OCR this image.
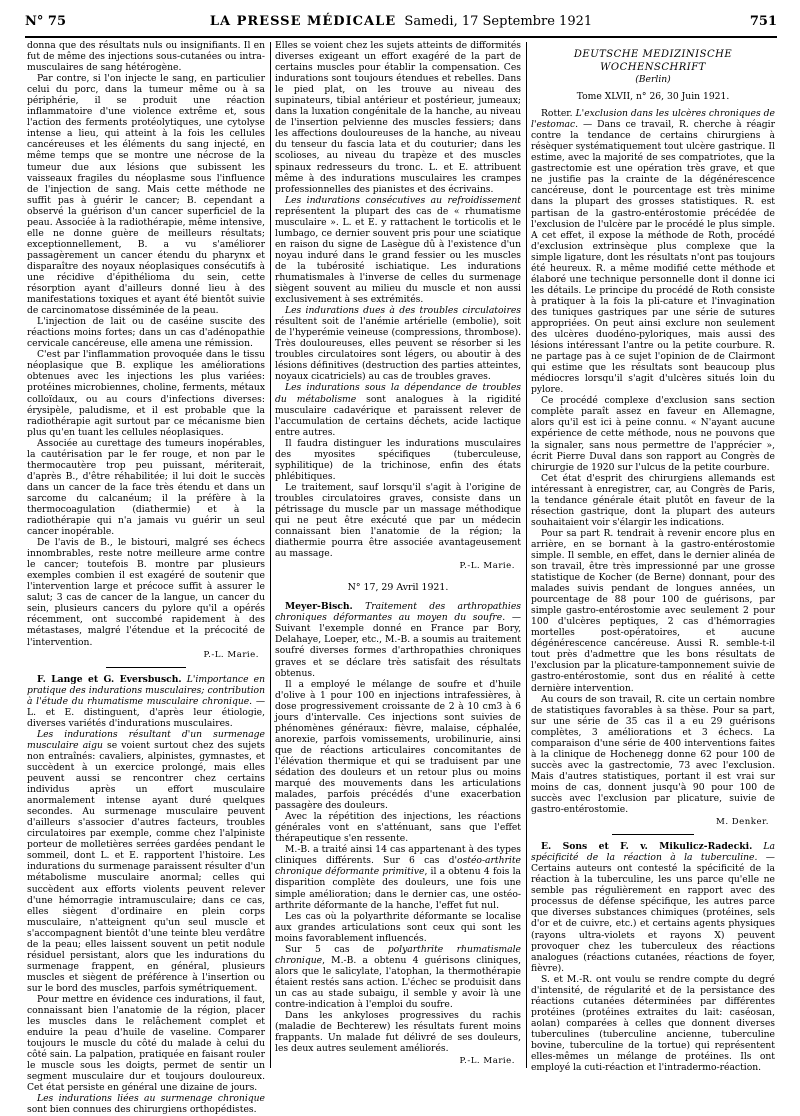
N° 75	LA PRESSE MÉDICALE Samedi, 17 Septembre 1921	751

donna que des résultats nuls ou insignifiants. Il en fut de même des injections sous-cutanées ou intra-musculaires de sang hétérogène.

Par contre, si l'on injecte le sang, en particulier celui du porc, dans la tumeur même ou à sa périphérie, il se produit une réaction inflammatoire d'une violence extrême et, sous l'action des ferments protéolytiques, une cytolyse intense a lieu, qui atteint à la fois les cellules cancéreuses et les éléments du sang injecté, en même temps que se montre une nécrose de la tumeur due aux lésions que subissent les vaisseaux fragiles du néoplasme sous l'influence de l'injection de sang. Mais cette méthode ne suffit pas à guérir le cancer; B. cependant a observé la guérison d'un cancer superficiel de la peau. Associée à la radiothérapie, même intensive, elle ne donne guère de meilleurs résultats; exceptionnellement, B. a vu s'améliorer passagèrement un cancer étendu du pharynx et disparaître des noyaux néoplasiques consécutifs à une récidive d'épithélioma du sein, cette résorption ayant d'ailleurs donné lieu à des manifestations toxiques et ayant été bientôt suivie de carcinomatose disséminée de la peau.

L'injection de lait ou de caséine suscite des réactions moins fortes; dans un cas d'adénopathie cervicale cancéreuse, elle amena une rémission.

C'est par l'inflammation provoquée dans le tissu néoplasique que B. explique les améliorations obtenues avec les injections les plus variées: protéines microbiennes, choline, ferments, métaux colloïdaux, ou au cours d'infections diverses: érysipèle, paludisme, et il est probable que la radiothérapie agit surtout par ce mécanisme bien plus qu'en tuant les cellules néoplasiques.

Associée au curettage des tumeurs inopérables, la cautérisation par le fer rouge, et non par le thermocautère trop peu puissant, mériterait, d'après B., d'être réhabilitée; il lui doit le succès dans un cancer de la face très étendu et dans un sarcome du calcanéum; il la préfère à la thermocoagulation (diathermie) et à la radiothérapie qui n'a jamais vu guérir un seul cancer inopérable.

De l'avis de B., le bistouri, malgré ses échecs innombrables, reste notre meilleure arme contre le cancer; toutefois B. montre par plusieurs exemples combien il est exagéré de soutenir que l'intervention large et précoce suffit à assurer le salut; 3 cas de cancer de la langue, un cancer du sein, plusieurs cancers du pylore qu'il a opérés récemment, ont succombé rapidement à des métastases, malgré l'étendue et la précocité de l'intervention.

P.-L. Marie.

F. Lange et G. Eversbusch. L'importance en pratique des indurations musculaires; contribution à l'étude du rhumatisme musculaire chronique. —L. et E. distinguent, d'après leur étiologie, diverses variétés d'indurations musculaires.

Les indurations résultant d'un surmenage musculaire aigu se voient surtout chez des sujets non entraînés: cavaliers, alpinistes, gymnastes, et succèdent à un exercice prolongé, mais elles peuvent aussi se rencontrer chez certains individus après un effort musculaire anormalement intense ayant duré quelques secondes. Au surmenage musculaire peuvent d'ailleurs s'associer d'autres facteurs, troubles circulatoires par exemple, comme chez l'alpiniste porteur de molletières serrées gardées pendant le sommeil, dont L. et E. rapportent l'histoire. Les indurations du surmenage paraissent résulter d'un métabolisme musculaire anormal; celles qui succèdent aux efforts violents peuvent relever d'une hémorragie intramusculaire; dans ce cas, elles siègent d'ordinaire en plein corps musculaire, n'atteignent qu'un seul muscle et s'accompagnent bientôt d'une teinte bleu verdâtre de la peau; elles laissent souvent un petit nodule résiduel persistant, alors que les indurations du surmenage frappent, en général, plusieurs muscles et siègent de préférence à l'insertion ou sur le bord des muscles, parfois symétriquement.

Pour mettre en évidence ces indurations, il faut, connaissant bien l'anatomie de la région, placer les muscles dans le relâchement complet et enduire la peau d'huile de vaseline. Comparer toujours le muscle du côté du malade à celui du côté sain. La palpation, pratiquée en faisant rouler le muscle sous les doigts, permet de sentir un segment musculaire dur et toujours douloureux. Cet état persiste en général une dizaine de jours.

Les indurations liées au surmenage chronique sont bien connues des chirurgiens orthopédistes.

Elles se voient chez les sujets atteints de difformités diverses exigeant un effort exagéré de la part de certains muscles pour établir la compensation. Ces indurations sont toujours étendues et rebelles. Dans le pied plat, on les trouve au niveau des supinateurs, tibial antérieur et postérieur, jumeaux; dans la luxation congénitale de la hanche, au niveau de l'insertion pelvienne des muscles fessiers; dans les affections douloureuses de la hanche, au niveau du tenseur du fascia lata et du couturier; dans les scolioses, au niveau du trapèze et des muscles spinaux redresseurs du tronc. L. et E. attribuent même à des indurations musculaires les crampes professionnelles des pianistes et des écrivains.

Les indurations consécutives au refroidissement représentent la plupart des cas de « rhumatisme musculaire ». L. et E. y rattachent le torticolis et le lumbago, ce dernier souvent pris pour une sciatique en raison du signe de Lasègue dû à l'existence d'un noyau induré dans le grand fessier ou les muscles de la tubérosité ischiatique. Les indurations rhumatismales à l'inverse de celles du surmenage siègent souvent au milieu du muscle et non aussi exclusivement à ses extrémités.

Les indurations dues à des troubles circulatoires résultent soit de l'anémie artérielle (embolie), soit de l'hyperémie veineuse (compressions, thrombose). Très douloureuses, elles peuvent se résorber si les troubles circulatoires sont légers, ou aboutir à des lésions définitives (destruction des parties atteintes, noyaux cicatriciels) au cas de troubles graves.

Les indurations sous la dépendance de troubles du métabolisme sont analogues à la rigidité musculaire cadavérique et paraissent relever de l'accumulation de certains déchets, acide lactique entre autres.

Il faudra distinguer les indurations musculaires des myosites spécifiques (tuberculeuse, syphilitique) de la trichinose, enfin des états phlébitiques.

Le traitement, sauf lorsqu'il s'agit à l'origine de troubles circulatoires graves, consiste dans un pétrissage du muscle par un massage méthodique qui ne peut être exécuté que par un médecin connaissant bien l'anatomie de la région; la diathermie pourra être associée avantageusement au massage.

P.-L. Marie.
N° 17, 29 Avril 1921.

Meyer-Bisch. Traitement des arthropathies chroniques déformantes au moyen du soufre. — Suivant l'exemple donné en France par Bory, Delahaye, Loeper, etc., M.-B. a soumis au traitement soufré diverses formes d'arthropathies chroniques graves et se déclare très satisfait des résultats obtenus.

Il a employé le mélange de soufre et d'huile d'olive à 1 pour 100 en injections intrafessières, à dose progressivement croissante de 2 à 10 cm3 à 6 jours d'intervalle. Ces injections sont suivies de phénomènes généraux: fièvre, malaise, céphalée, anorexie, parfois vomissements, urobilinurie, ainsi que de réactions articulaires concomitantes de l'élévation thermique et qui se traduisent par une sédation des douleurs et un retour plus ou moins marqué des mouvements dans les articulations malades, parfois précédés d'une exacerbation passagère des douleurs.

Avec la répétition des injections, les réactions générales vont en s'atténuant, sans que l'effet thérapeutique s'en ressente.

M.-B. a traité ainsi 14 cas appartenant à des types cliniques différents. Sur 6 cas d'ostéo-arthrite chronique déformante primitive, il a obtenu 4 fois la disparition complète des douleurs, une fois une simple amélioration; dans le dernier cas, une ostéo-arthrite déformante de la hanche, l'effet fut nul.

Les cas où la polyarthrite déformante se localise aux grandes articulations sont ceux qui sont les moins favorablement influencés.

Sur 5 cas de polyarthrite rhumatismale chronique, M.-B. a obtenu 4 guérisons cliniques, alors que le salicylate, l'atophan, la thermothérapie étaient restés sans action. L'échec se produisit dans un cas au stade subaigu, il semble y avoir là une contre-indication à l'emploi du soufre.

Dans les ankyloses progressives du rachis (maladie de Bechterew) les résultats furent moins frappants. Un malade fut délivré de ses douleurs, les deux autres seulement améliorés.

P.-L. Marie.
DEUTSCHE MEDIZINISCHE WOCHENSCHRIFT
(Berlin)
Tome XLVII, n° 26, 30 Juin 1921.

Rotter. L'exclusion dans les ulcères chroniques de l'estomac. — Dans ce travail, R. cherche à réagir contre la tendance de certains chirurgiens à résèquer systématiquement tout ulcère gastrique. Il estime, avec la majorité de ses compatriotes, que la gastrectomie est une opération très grave, et que ne justifie pas la crainte de la dégénérescence cancéreuse, dont le pourcentage est très minime dans la plupart des grosses statistiques. R. est partisan de la gastro-entérostomie précédée de l'exclusion de l'ulcère par le procédé le plus simple. A cet effet, il expose la méthode de Roth, procédé d'exclusion extrinsèque plus complexe que la simple ligature, dont les résultats n'ont pas toujours été heureux. R. a même modifié cette méthode et élaboré une technique personnelle dont il donne ici les détails. Le principe du procédé de Roth consiste à pratiquer à la fois la pli-cature et l'invagination des tuniques gastriques par une série de sutures appropriées. On peut ainsi exclure non seulement des ulcères duodéno-pyloriques, mais aussi des lésions intéressant l'antre ou la petite courbure. R. ne partage pas à ce sujet l'opinion de de Clairmont qui estime que les résultats sont beaucoup plus médiocres lorsqu'il s'agit d'ulcères situés loin du pylore.

Ce procédé complexe d'exclusion sans section complète paraît assez en faveur en Allemagne, alors qu'il est ici à peine connu. « N'ayant aucune expérience de cette méthode, nous ne pouvons que la signaler, sans nous permettre de l'apprécier », écrit Pierre Duval dans son rapport au Congrès de chirurgie de 1920 sur l'ulcus de la petite courbure.

Cet état d'esprit des chirurgiens allemands est intéressant à enregistrer, car, au Congrès de Paris, la tendance générale était plutôt en faveur de la résection gastrique, dont la plupart des auteurs souhaitaient voir s'élargir les indications.

Pour sa part R. tendrait à revenir encore plus en arrière, en se bornant à la gastro-entérostomie simple. Il semble, en effet, dans le dernier alinéa de son travail, être très impressionné par une grosse statistique de Kocher (de Berne) donnant, pour des malades suivis pendant de longues années, un pourcentage de 88 pour 100 de guérisons, par simple gastro-entérostomie avec seulement 2 pour 100 d'ulcères peptiques, 2 cas d'hémorragies mortelles post-opératoires, et aucune dégénérescence cancéreuse. Aussi R. semble-t-il tout près d'admettre que les bons résultats de l'exclusion par la plicature-tamponnement suivie de gastro-entérostomie, sont dus en réalité à cette dernière intervention.

Au cours de son travail, R. cite un certain nombre de statistiques favorables à sa thèse. Pour sa part, sur une série de 35 cas il a eu 29 guérisons complètes, 3 améliorations et 3 échecs. La comparaison d'une série de 400 interventions faites à la clinique de Hochenegg donne 62 pour 100 de succès avec la gastrectomie, 73 avec l'exclusion. Mais d'autres statistiques, portant il est vrai sur moins de cas, donnent jusqu'à 90 pour 100 de succès avec l'exclusion par plicature, suivie de gastro-entérostomie.

M. Denker.

E. Sons et F. v. Mikulicz-Radecki. La spécificité de la réaction à la tuberculine. — Certains auteurs ont contesté la spécificité de la réaction à la tuberculine, les uns parce qu'elle ne semble pas régulièrement en rapport avec des processus de défense spécifique, les autres parce que diverses substances chimiques (protéines, sels d'or et de cuivre, etc.) et certains agents physiques (rayons ultra-violets et rayons X) peuvent provoquer chez les tuberculeux des réactions analogues (réactions cutanées, réactions de foyer, fièvre).

S. et M.-R. ont voulu se rendre compte du degré d'intensité, de régularité et de la persistance des réactions cutanées déterminées par différentes protéines (protéines extraites du lait: caséosan, aolan) comparées à celles que donnent diverses tuberculines (tuberculine ancienne, tuberculine bovine, tuberculine de la tortue) qui représentent elles-mêmes un mélange de protéines. Ils ont employé la cuti-réaction et l'intradermo-réaction.
